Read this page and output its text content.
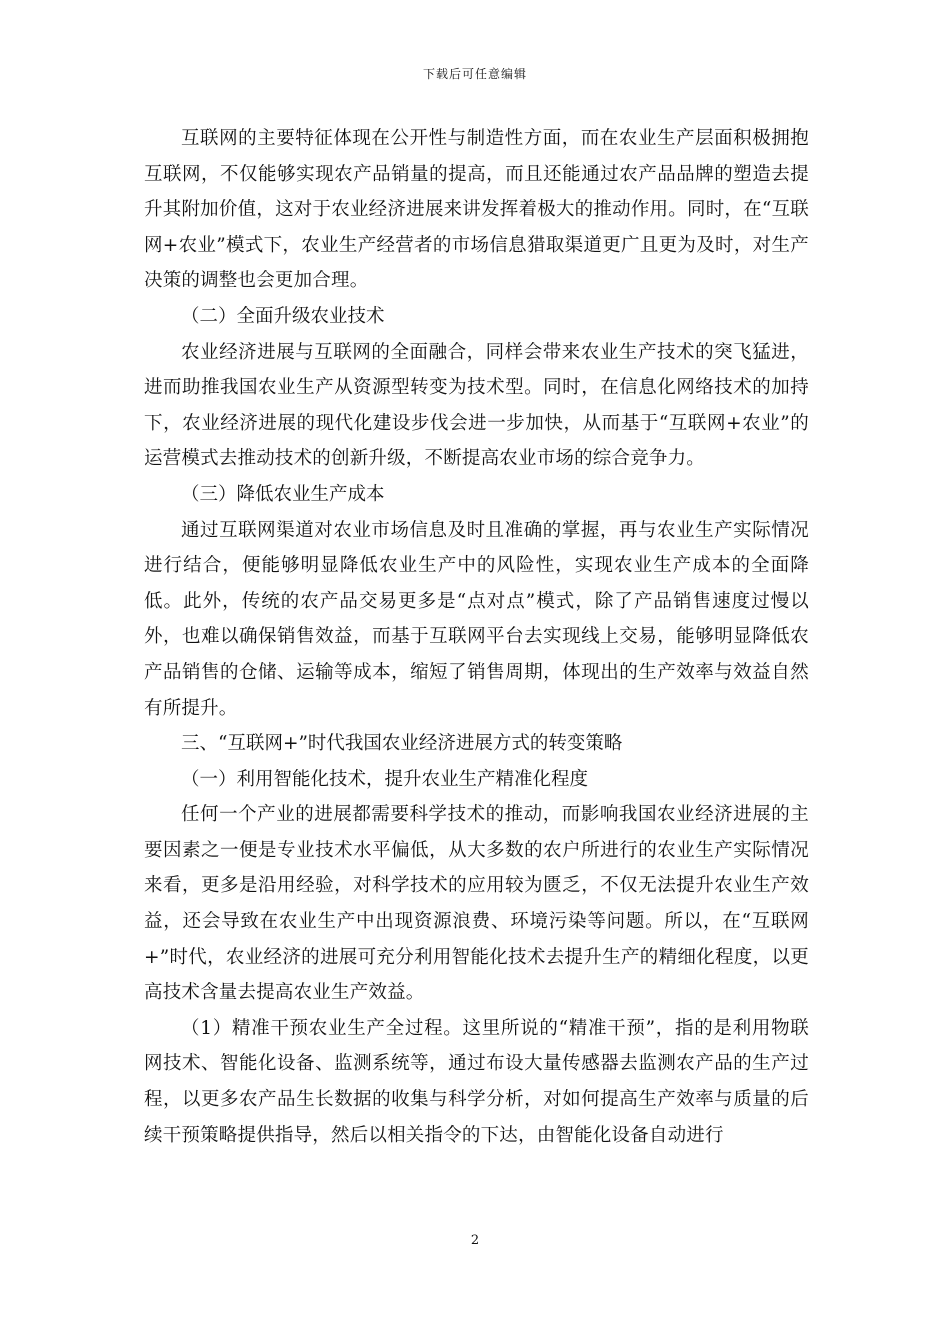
下载后可任意编辑

互联网的主要特征体现在公开性与制造性方面，而在农业生产层面积极拥抱互联网，不仅能够实现农产品销量的提高，而且还能通过农产品品牌的塑造去提升其附加价值，这对于农业经济进展来讲发挥着极大的推动作用。同时，在“互联网+农业”模式下，农业生产经营者的市场信息猎取渠道更广且更为及时，对生产决策的调整也会更加合理。

（二）全面升级农业技术

农业经济进展与互联网的全面融合，同样会带来农业生产技术的突飞猛进，进而助推我国农业生产从资源型转变为技术型。同时，在信息化网络技术的加持下，农业经济进展的现代化建设步伐会进一步加快，从而基于“互联网+农业”的运营模式去推动技术的创新升级，不断提高农业市场的综合竞争力。

（三）降低农业生产成本

通过互联网渠道对农业市场信息及时且准确的掌握，再与农业生产实际情况进行结合，便能够明显降低农业生产中的风险性，实现农业生产成本的全面降低。此外，传统的农产品交易更多是“点对点”模式，除了产品销售速度过慢以外，也难以确保销售效益，而基于互联网平台去实现线上交易，能够明显降低农产品销售的仓储、运输等成本，缩短了销售周期，体现出的生产效率与效益自然有所提升。

三、“互联网+”时代我国农业经济进展方式的转变策略

（一）利用智能化技术，提升农业生产精准化程度

任何一个产业的进展都需要科学技术的推动，而影响我国农业经济进展的主要因素之一便是专业技术水平偏低，从大多数的农户所进行的农业生产实际情况来看，更多是沿用经验，对科学技术的应用较为匮乏，不仅无法提升农业生产效益，还会导致在农业生产中出现资源浪费、环境污染等问题。所以，在“互联网+”时代，农业经济的进展可充分利用智能化技术去提升生产的精细化程度，以更高技术含量去提高农业生产效益。

（1）精准干预农业生产全过程。这里所说的“精准干预”，指的是利用物联网技术、智能化设备、监测系统等，通过布设大量传感器去监测农产品的生产过程，以更多农产品生长数据的收集与科学分析，对如何提高生产效率与质量的后续干预策略提供指导，然后以相关指令的下达，由智能化设备自动进行

2
